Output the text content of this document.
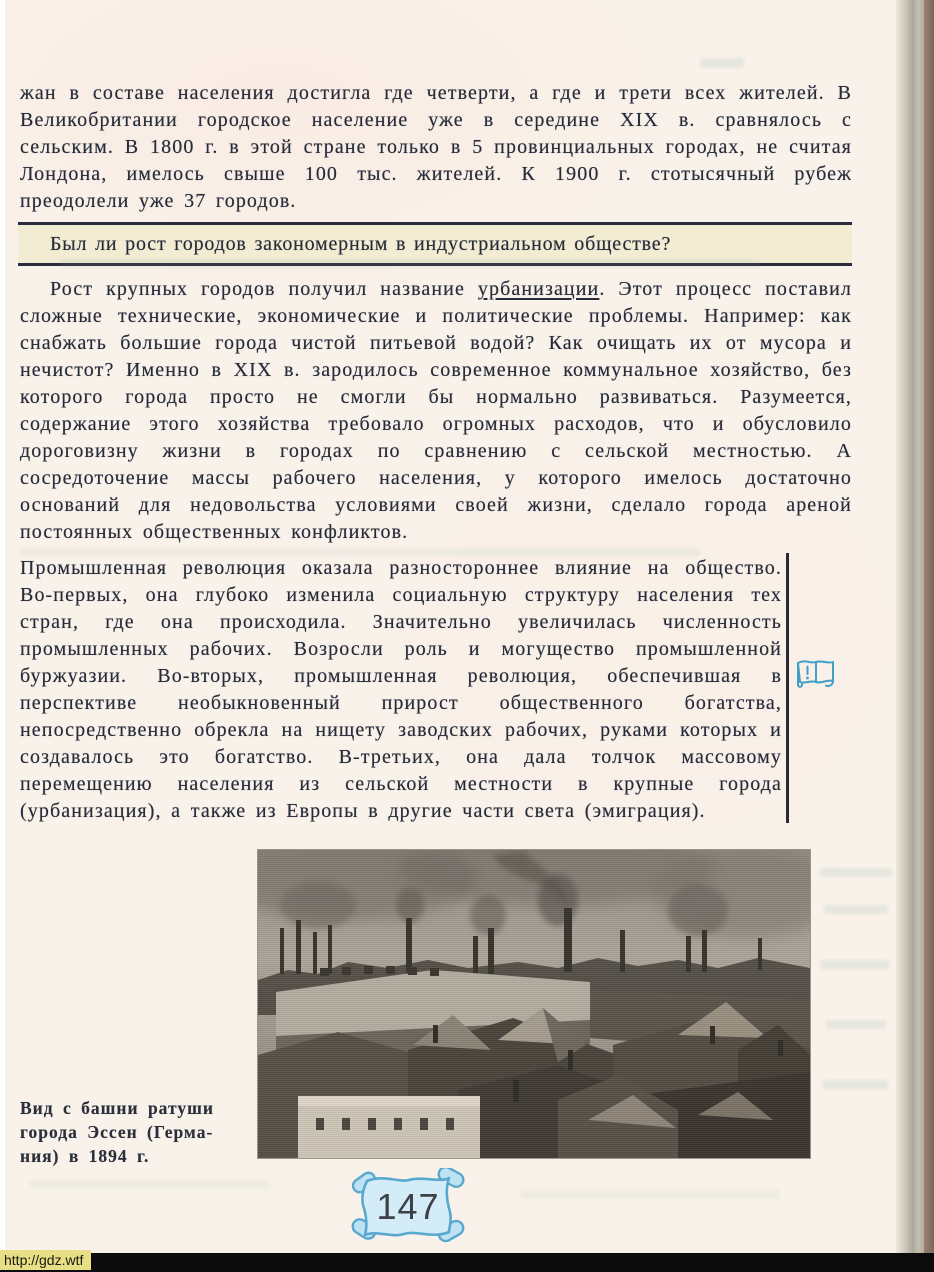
жан в составе населения достигла где четверти, а где и трети всех жителей. В Великобритании городское население уже в середине XIX в. сравнялось с сельским. В 1800 г. в этой стране только в 5 провинциальных городах, не считая Лондона, имелось свыше 100 тыс. жителей. К 1900 г. стотысячный рубеж преодолели уже 37 городов.

Был ли рост городов закономерным в индустриальном обществе?

Рост крупных городов получил название урбанизации. Этот процесс поставил сложные технические, экономические и политические проблемы. Например: как снабжать большие города чистой питьевой водой? Как очищать их от мусора и нечистот? Именно в XIX в. зародилось современное коммунальное хозяйство, без которого города просто не смогли бы нормально развиваться. Разумеется, содержание этого хозяйства требовало огромных расходов, что и обусловило дороговизну жизни в городах по сравнению с сельской местностью. А сосредоточение массы рабочего населения, у которого имелось достаточно оснований для недовольства условиями своей жизни, сделало города ареной постоянных общественных конфликтов.

Промышленная революция оказала разностороннее влияние на общество. Во-первых, она глубоко изменила социальную структуру населения тех стран, где она происходила. Значительно увеличилась численность промышленных рабочих. Возросли роль и могущество промышленной буржуазии. Во-вторых, промышленная революция, обеспечившая в перспективе необыкновенный прирост общественного богатства, непосредственно обрекла на нищету заводских рабочих, руками которых и создавалось это богатство. В-третьих, она дала толчок массовому перемещению населения из сельской местности в крупные города (урбанизация), а также из Европы в другие части света (эмиграция).

Вид с башни ратуши
города Эссен (Герма-
ния) в 1894 г.
147
http://gdz.wtf
